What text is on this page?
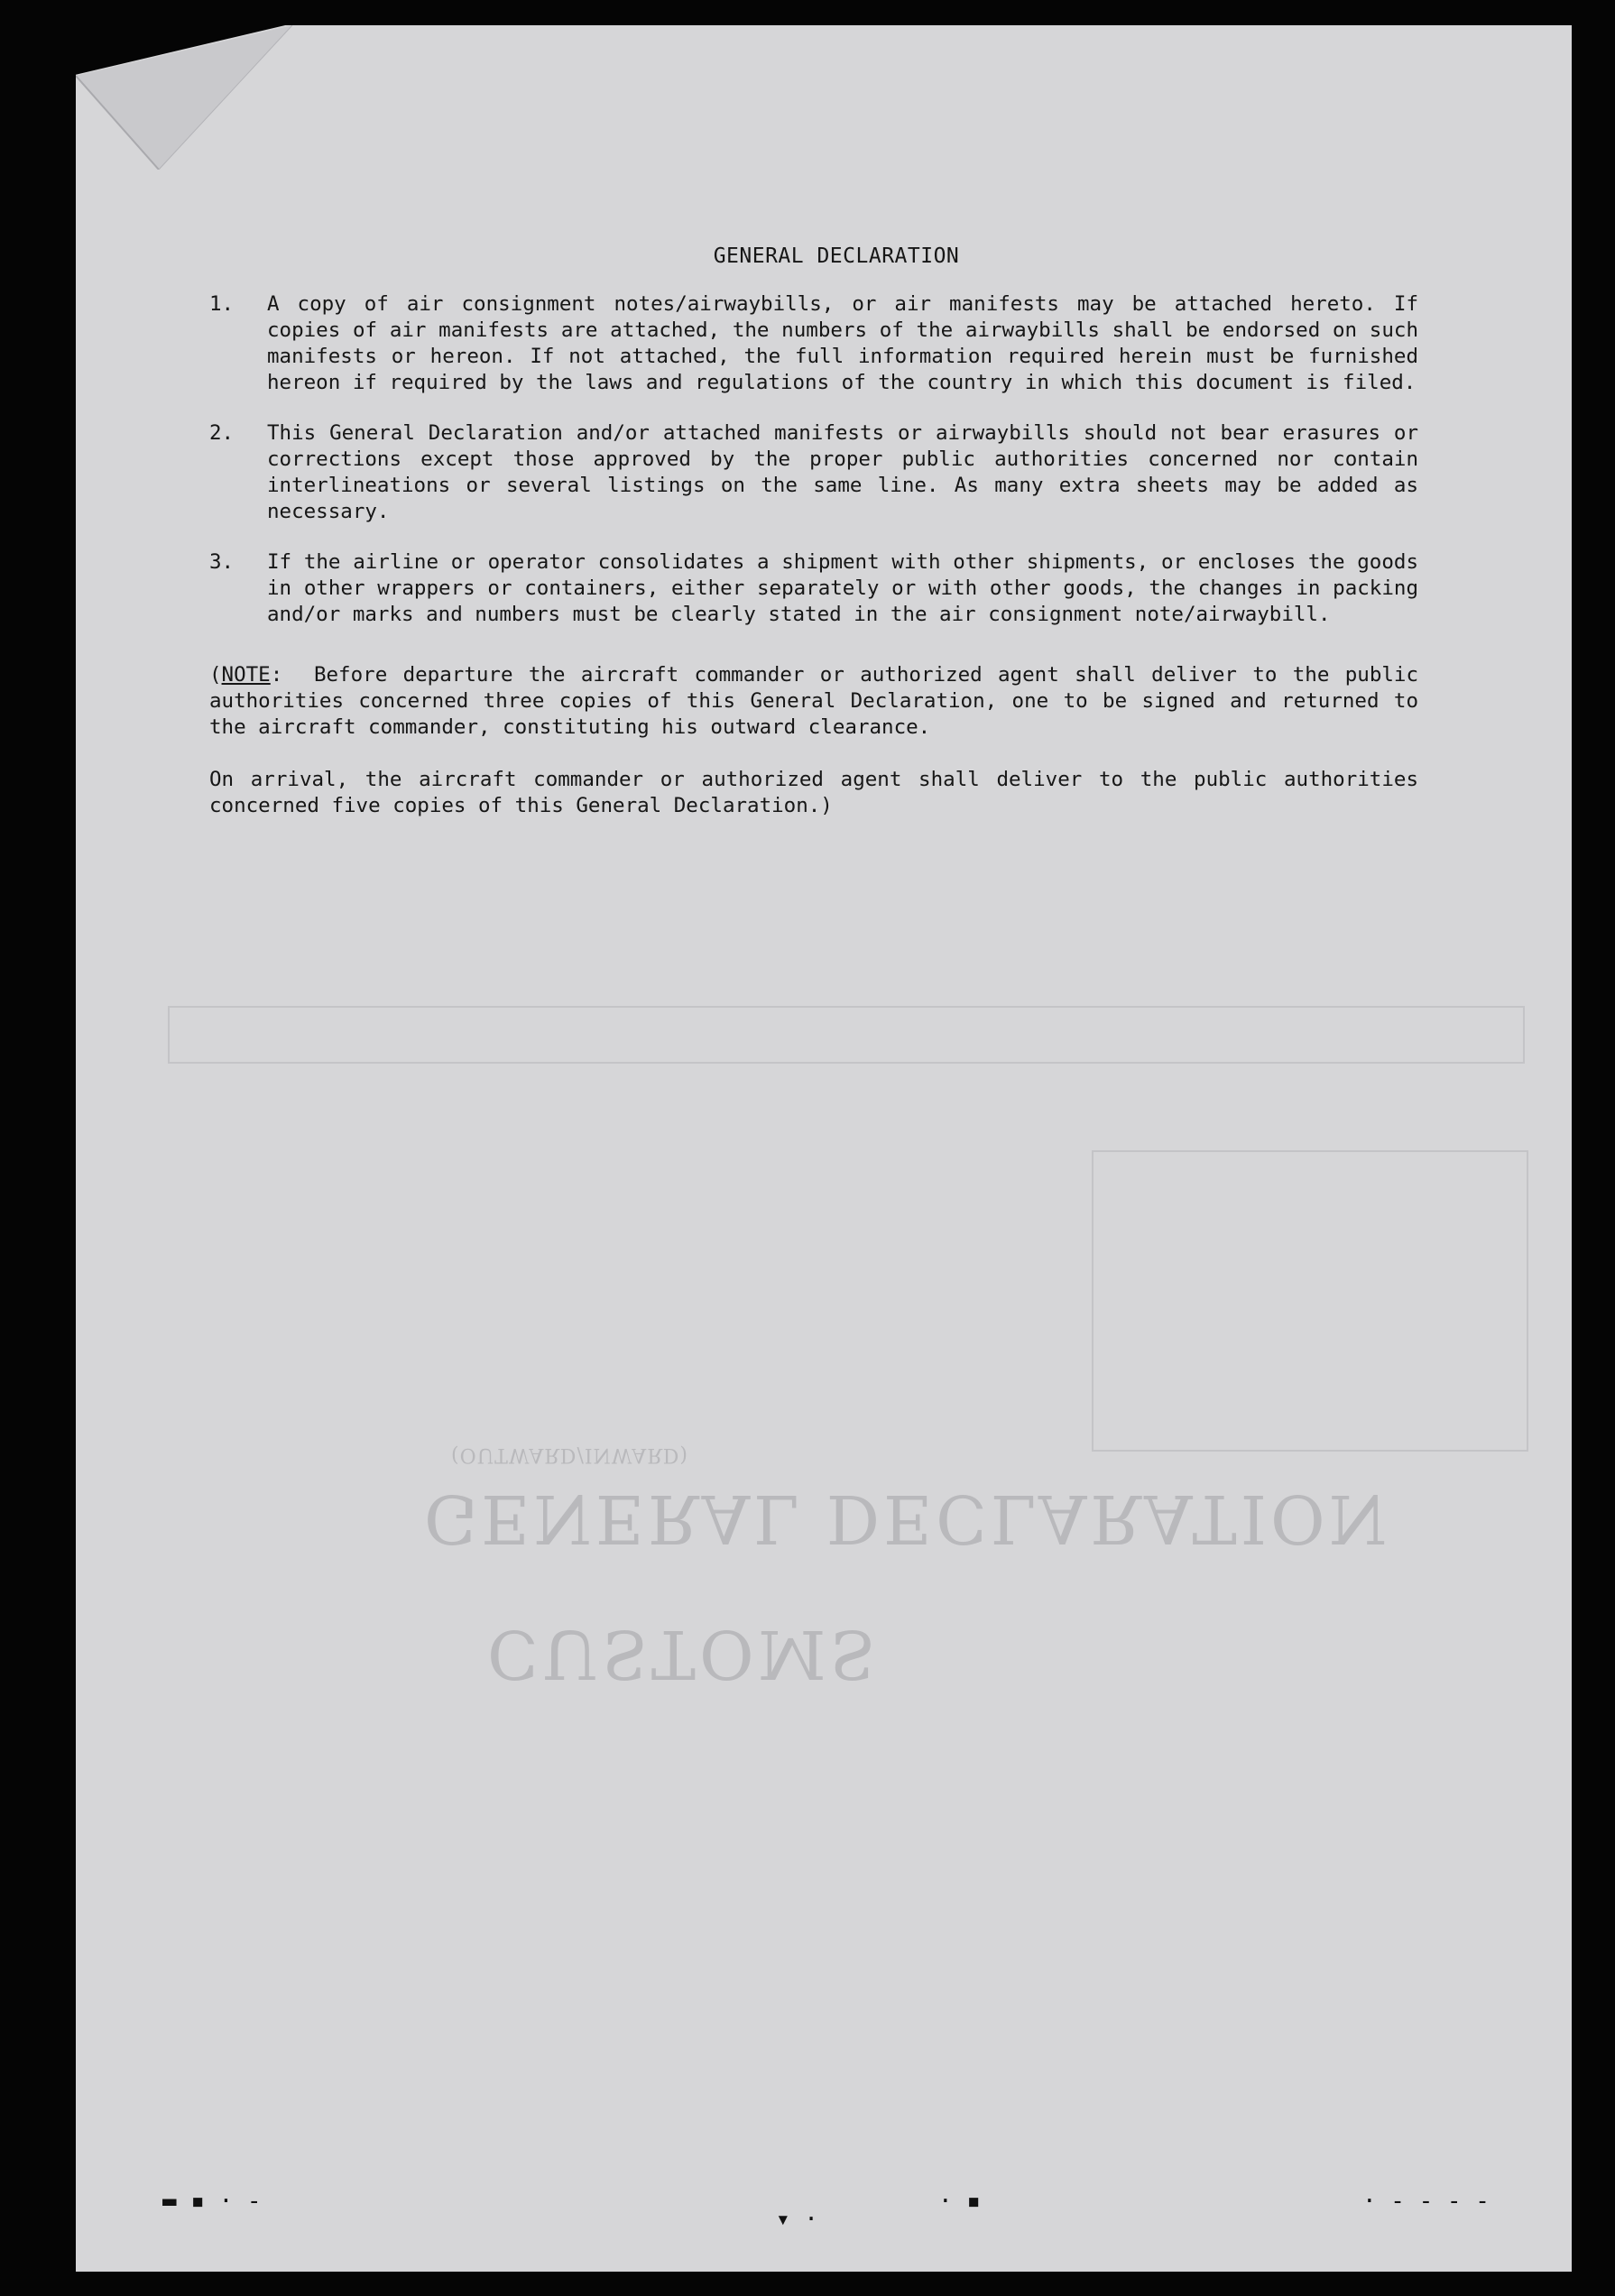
GENERAL DECLARATION
CUSTOMS
(OUTWARD/INWARD)
GENERAL DECLARATION
1.	A copy of air consignment notes/airwaybills, or air manifests may be attached hereto. If copies of air manifests are attached, the numbers of the airwaybills shall be endorsed on such manifests or hereon. If not attached, the full information required herein must be furnished hereon if required by the laws and regulations of the country in which this document is filed.
2.	This General Declaration and/or attached manifests or airwaybills should not bear erasures or corrections except those approved by the proper public authorities concerned nor contain interlineations or several listings on the same line. As many extra sheets may be added as necessary.
3.	If the airline or operator consolidates a shipment with other shipments, or encloses the goods in other wrappers or containers, either separately or with other goods, the changes in packing and/or marks and numbers must be clearly stated in the air consignment note/airwaybill.
(NOTE: Before departure the aircraft commander or authorized agent shall deliver to the public authorities concerned three copies of this General Declaration, one to be signed and returned to the aircraft commander, constituting his outward clearance.
On arrival, the aircraft commander or authorized agent shall deliver to the public authorities concerned five copies of this General Declaration.)
▬ ▪ · ‐
▾ ·
· ▪	· ‐ ‐ ‐ ‐
